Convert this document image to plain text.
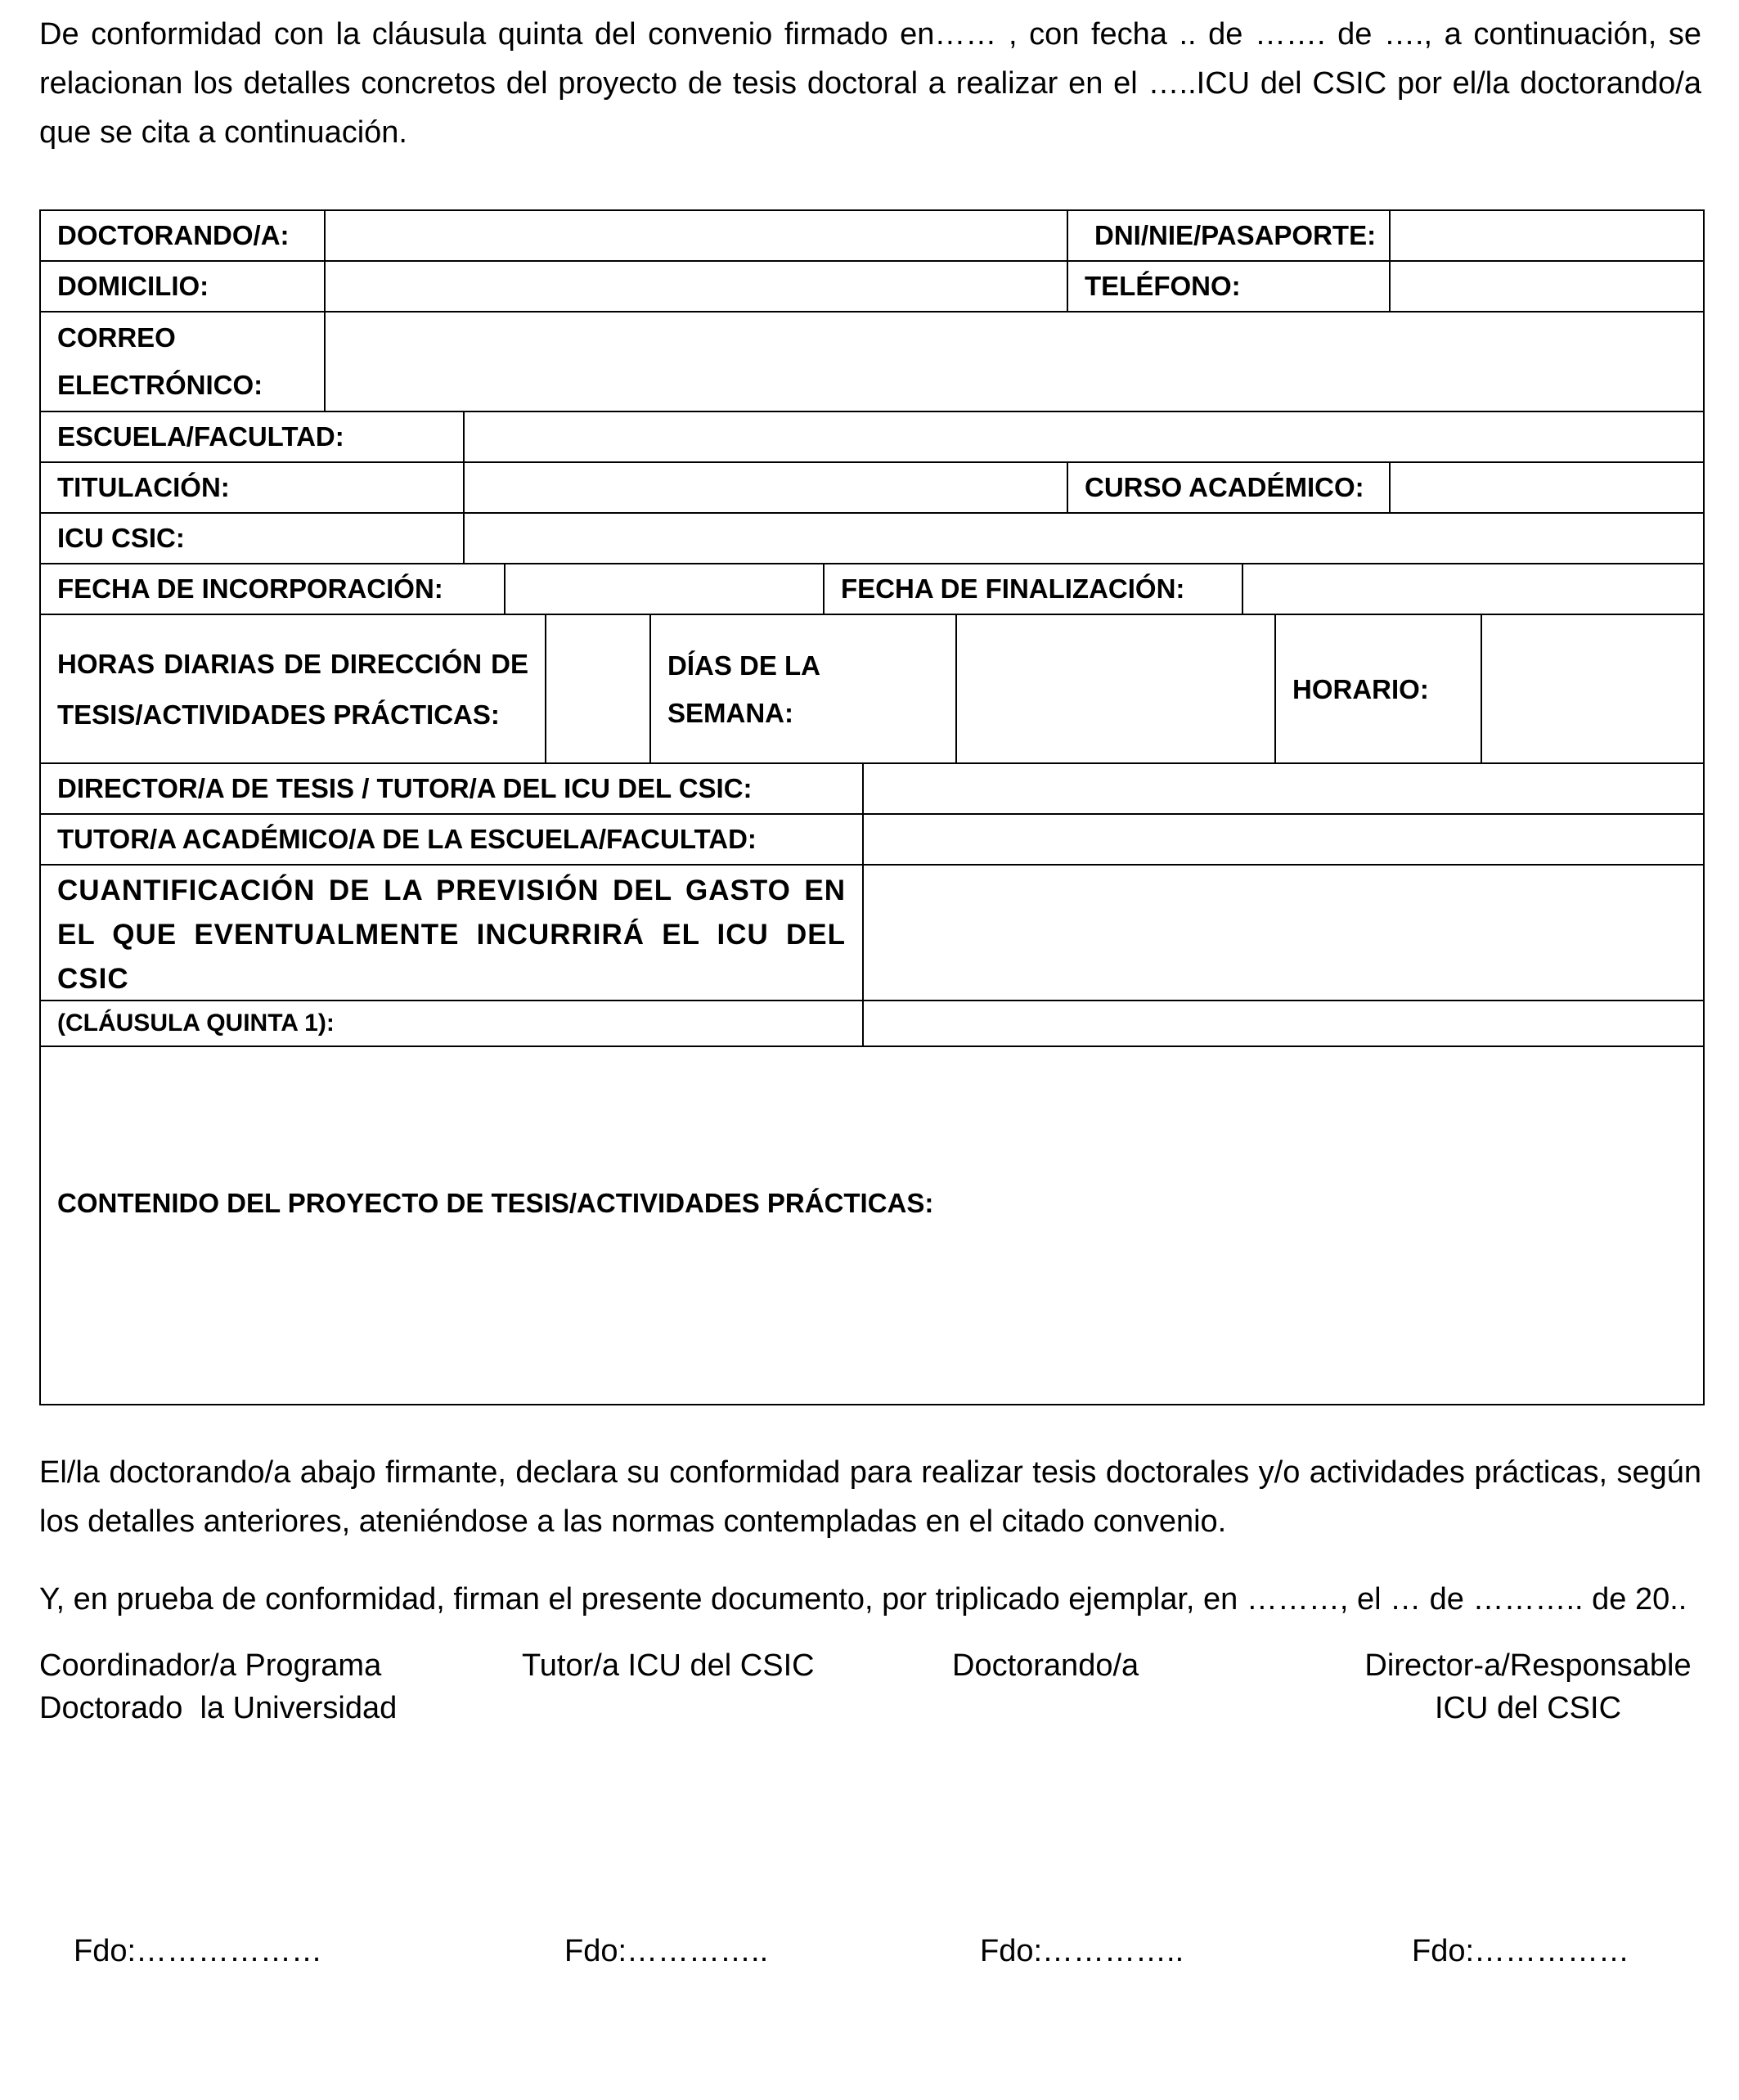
De conformidad con la cláusula quinta del convenio firmado en…… , con fecha .. de ……. de …., a continuación, se relacionan los detalles concretos del proyecto de tesis doctoral a realizar en el …..ICU del CSIC por el/la doctorando/a que se cita a continuación.

DOCTORANDO/A:		DNI/NIE/PASAPORTE:	
DOMICILIO:		TELÉFONO:	

CORREO
ELECTRÓNICO:			

ESCUELA/FACULTAD:			
TITULACIÓN:		CURSO ACADÉMICO:	
ICU CSIC:			
FECHA DE INCORPORACIÓN:		FECHA DE FINALIZACIÓN:	
HORAS DIARIAS DE DIRECCIÓN DE TESIS/ACTIVIDADES PRÁCTICAS:		DÍAS DE LA SEMANA:		HORARIO:	
DIRECTOR/A DE TESIS / TUTOR/A DEL ICU DEL CSIC:	
TUTOR/A ACADÉMICO/A DE LA ESCUELA/FACULTAD:	

CUANTIFICACIÓN DE LA PREVISIÓN DEL GASTO EN EL QUE EVENTUALMENTE INCURRIRÁ EL ICU DEL CSIC
(CLÁUSULA QUINTA 1):	

CONTENIDO DEL PROYECTO DE TESIS/ACTIVIDADES PRÁCTICAS:

El/la doctorando/a abajo firmante, declara su conformidad para realizar tesis doctorales y/o actividades prácticas, según los detalles anteriores, ateniéndose a las normas contempladas en el citado convenio.

Y, en prueba de conformidad, firman el presente documento, por triplicado ejemplar, en ………, el … de ……….. de 20..

Coordinador/a Programa
Doctorado  la Universidad
Tutor/a ICU del CSIC	Doctorando/a	Director-a/Responsable
ICU del CSIC
Fdo:………………	Fdo:…………..	Fdo:…………..	Fdo:……………
